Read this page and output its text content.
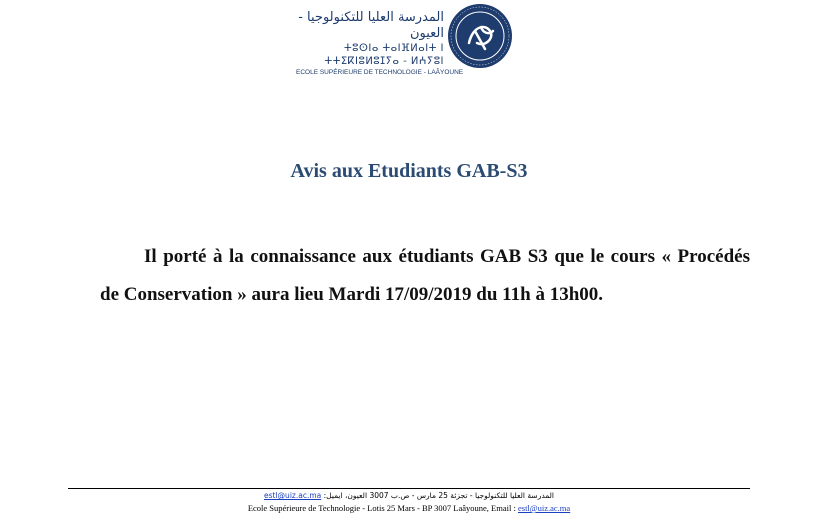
المدرسة العليا للتكنولوجيا - العيون
ⵜⵓⵙⵏⴰ ⵜⴰⵏⴼⵍⴰⵏⵜ ⵏ ⵜⵜⵉⴽⵏⵓⵍⵓⵊⵢⴰ - ⵍⵄⵢⵓⵏ
ECOLE SUPÉRIEURE DE TECHNOLOGIE - LAÂYOUNE
Avis aux Etudiants GAB-S3
Il porté à la connaissance aux étudiants GAB S3 que le cours « Procédés de Conservation » aura lieu Mardi 17/09/2019 du 11h à 13h00.
المدرسة العليا للتكنولوجيا - تجزئة 25 مارس - ص.ب 3007 العيون، ايميل: estl@uiz.ac.ma
Ecole Supérieure de Technologie - Lotis 25 Mars - BP 3007 Laâyoune, Email : estl@uiz.ac.ma
